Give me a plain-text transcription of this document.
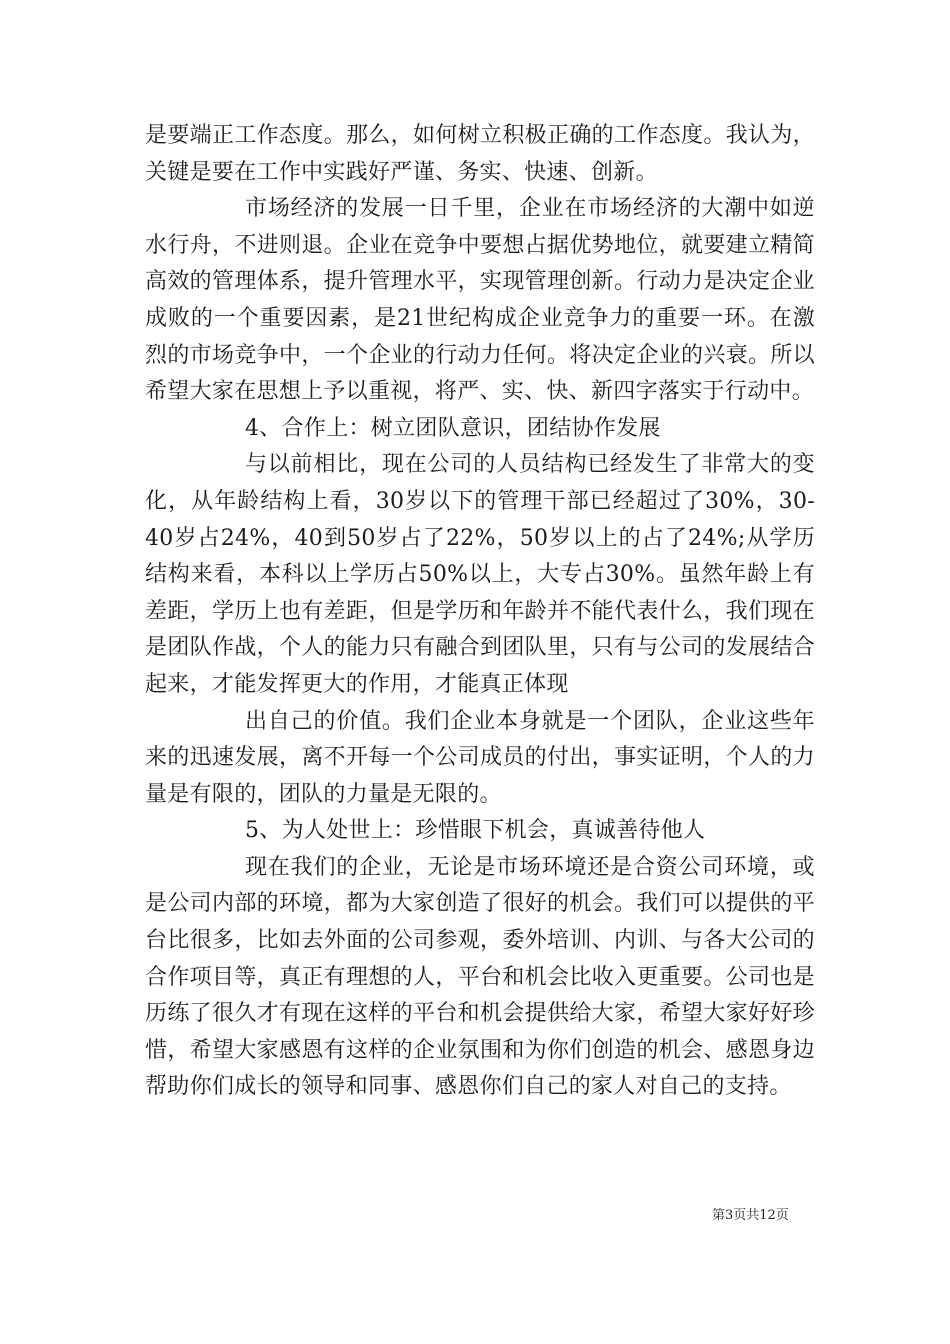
是要端正工作态度。那么，如何树立积极正确的工作态度。我认为，关键是要在工作中实践好严谨、务实、快速、创新。

市场经济的发展一日千里，企业在市场经济的大潮中如逆水行舟，不进则退。企业在竞争中要想占据优势地位，就要建立精简高效的管理体系，提升管理水平，实现管理创新。行动力是决定企业成败的一个重要因素，是21世纪构成企业竞争力的重要一环。在激烈的市场竞争中，一个企业的行动力任何。将决定企业的兴衰。所以希望大家在思想上予以重视，将严、实、快、新四字落实于行动中。

4、合作上：树立团队意识，团结协作发展

与以前相比，现在公司的人员结构已经发生了非常大的变化，从年龄结构上看，30岁以下的管理干部已经超过了30%，30-40岁占24%，40到50岁占了22%，50岁以上的占了24%;从学历结构来看，本科以上学历占50%以上，大专占30%。虽然年龄上有差距，学历上也有差距，但是学历和年龄并不能代表什么，我们现在是团队作战，个人的能力只有融合到团队里，只有与公司的发展结合起来，才能发挥更大的作用，才能真正体现

出自己的价值。我们企业本身就是一个团队，企业这些年来的迅速发展，离不开每一个公司成员的付出，事实证明，个人的力量是有限的，团队的力量是无限的。

5、为人处世上：珍惜眼下机会，真诚善待他人

现在我们的企业，无论是市场环境还是合资公司环境，或是公司内部的环境，都为大家创造了很好的机会。我们可以提供的平台比很多，比如去外面的公司参观，委外培训、内训、与各大公司的合作项目等，真正有理想的人，平台和机会比收入更重要。公司也是历练了很久才有现在这样的平台和机会提供给大家，希望大家好好珍惜，希望大家感恩有这样的企业氛围和为你们创造的机会、感恩身边帮助你们成长的领导和同事、感恩你们自己的家人对自己的支持。

第3页共12页
